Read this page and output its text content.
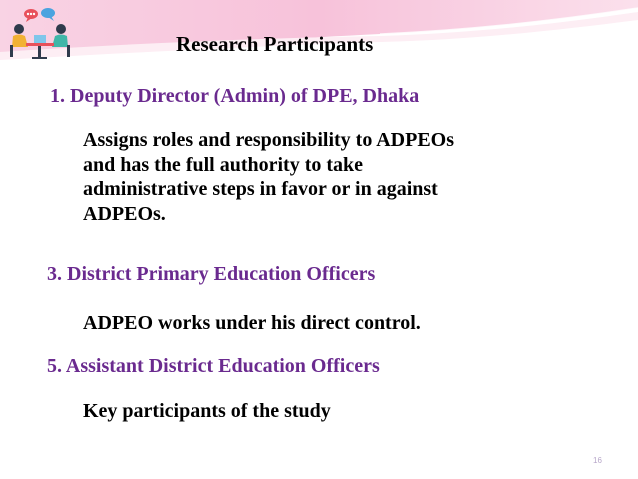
Research Participants
1. Deputy Director (Admin) of DPE, Dhaka
Assigns roles and responsibility to ADPEOs
and has the full authority to take
administrative steps in favor or in against
ADPEOs.
3. District Primary Education Officers
ADPEO works under his direct control.
5. Assistant District Education Officers
Key participants of the study
16
